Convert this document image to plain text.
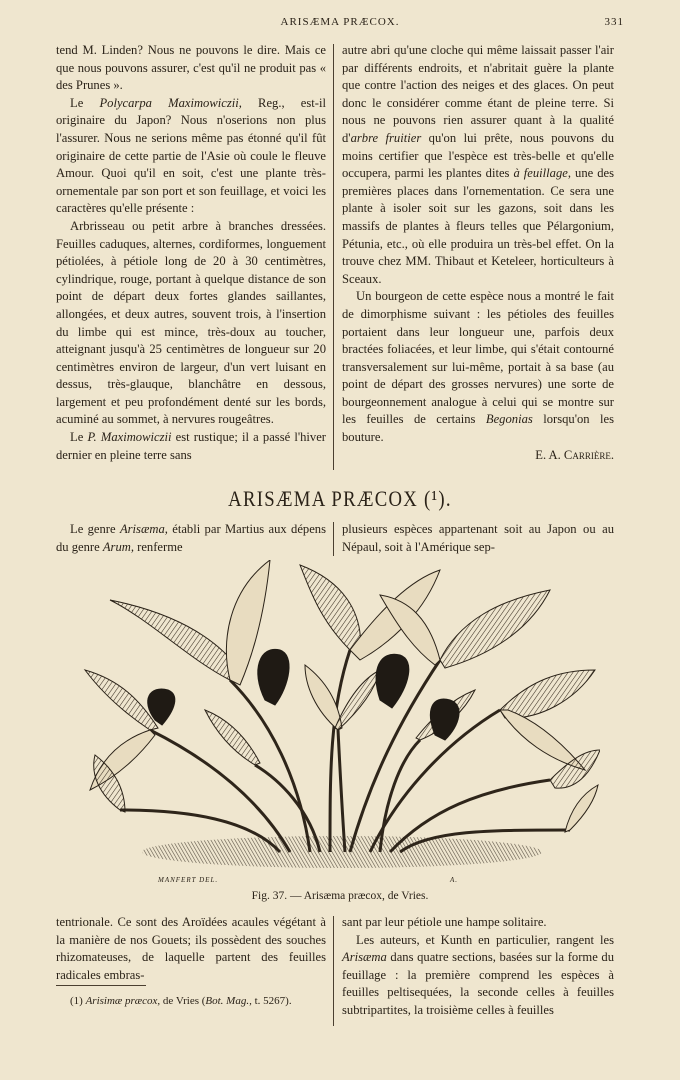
ARISÆMA PRÆCOX.	331

tend M. Linden? Nous ne pouvons le dire. Mais ce que nous pouvons assurer, c'est qu'il ne produit pas « des Prunes ».

Le Polycarpa Maximowiczii, Reg., est-il originaire du Japon? Nous n'oserions non plus l'assurer. Nous ne serions même pas étonné qu'il fût originaire de cette partie de l'Asie où coule le fleuve Amour. Quoi qu'il en soit, c'est une plante très-ornementale par son port et son feuillage, et voici les caractères qu'elle présente :

Arbrisseau ou petit arbre à branches dressées. Feuilles caduques, alternes, cordiformes, longuement pétiolées, à pétiole long de 20 à 30 centimètres, cylindrique, rouge, portant à quelque distance de son point de départ deux fortes glandes saillantes, allongées, et deux autres, souvent trois, à l'insertion du limbe qui est mince, très-doux au toucher, atteignant jusqu'à 25 centimètres de longueur sur 20 centimètres environ de largeur, d'un vert luisant en dessus, très-glauque, blanchâtre en dessous, largement et peu profondément denté sur les bords, acuminé au sommet, à nervures rougeâtres.

Le P. Maximowiczii est rustique; il a passé l'hiver dernier en pleine terre sans

autre abri qu'une cloche qui même laissait passer l'air par différents endroits, et n'abritait guère la plante que contre l'action des neiges et des glaces. On peut donc le considérer comme étant de pleine terre. Si nous ne pouvons rien assurer quant à la qualité d'arbre fruitier qu'on lui prête, nous pouvons du moins certifier que l'espèce est très-belle et qu'elle occupera, parmi les plantes dites à feuillage, une des premières places dans l'ornementation. Ce sera une plante à isoler soit sur les gazons, soit dans les massifs de plantes à fleurs telles que Pélargonium, Pétunia, etc., où elle produira un très-bel effet. On la trouve chez MM. Thibaut et Keteleer, horticulteurs à Sceaux.

Un bourgeon de cette espèce nous a montré le fait de dimorphisme suivant : les pétioles des feuilles portaient dans leur longueur une, parfois deux bractées foliacées, et leur limbe, qui s'était contourné transversalement sur lui-même, portait à sa base (au point de départ des grosses nervures) une sorte de bourgeonnement analogue à celui qui se montre sur les feuilles de certains Begonias lorsqu'on les bouture.

E. A. Carrière.

ARISÆMA PRÆCOX (¹).

Le genre Arisæma, établi par Martius aux dépens du genre Arum, renferme

plusieurs espèces appartenant soit au Japon ou au Népaul, soit à l'Amérique sep-

MANFERT DEL.	A.
Fig. 37. — Arisæma præcox, de Vries.

tentrionale. Ce sont des Aroïdées acaules végétant à la manière de nos Gouets; ils possèdent des souches rhizomateuses, de laquelle partent des feuilles radicales embras-

(1) Arisimæ præcox, de Vries (Bot. Mag., t. 5267).

sant par leur pétiole une hampe solitaire.

Les auteurs, et Kunth en particulier, rangent les Arisæma dans quatre sections, basées sur la forme du feuillage : la première comprend les espèces à feuilles peltisequées, la seconde celles à feuilles subtripartites, la troisième celles à feuilles
